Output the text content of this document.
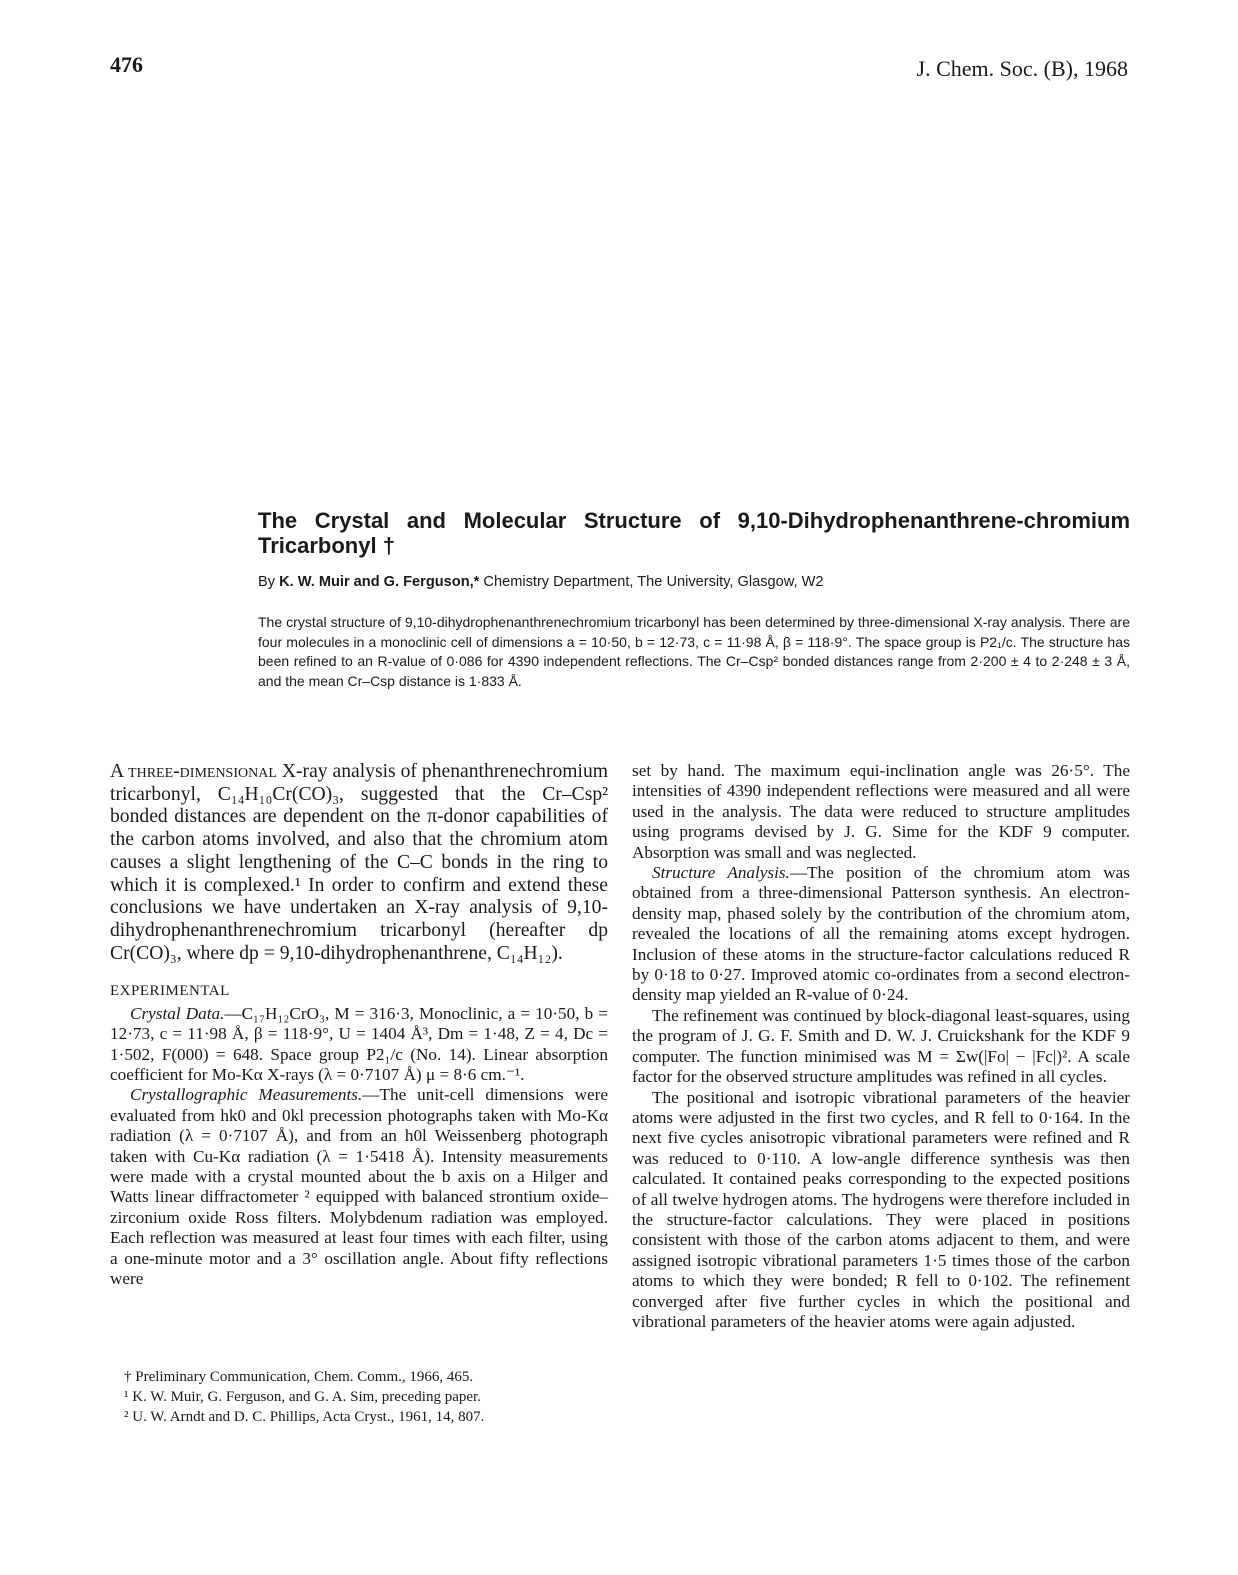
476	J. Chem. Soc. (B), 1968
The Crystal and Molecular Structure of 9,10-Dihydrophenanthrene-chromium Tricarbonyl †
By K. W. Muir and G. Ferguson,* Chemistry Department, The University, Glasgow, W2

The crystal structure of 9,10-dihydrophenanthrenechromium tricarbonyl has been determined by three-dimensional X-ray analysis. There are four molecules in a monoclinic cell of dimensions a = 10·50, b = 12·73, c = 11·98 Å, β = 118·9°. The space group is P2₁/c. The structure has been refined to an R-value of 0·086 for 4390 independent reflections. The Cr–Csp² bonded distances range from 2·200 ± 4 to 2·248 ± 3 Å, and the mean Cr–Csp distance is 1·833 Å.

A three-dimensional X-ray analysis of phenanthrenechromium tricarbonyl, C₁₄H₁₀Cr(CO)₃, suggested that the Cr–Csp² bonded distances are dependent on the π-donor capabilities of the carbon atoms involved, and also that the chromium atom causes a slight lengthening of the C–C bonds in the ring to which it is complexed.¹ In order to confirm and extend these conclusions we have undertaken an X-ray analysis of 9,10-dihydrophenanthrenechromium tricarbonyl (hereafter dp Cr(CO)₃, where dp = 9,10-dihydrophenanthrene, C₁₄H₁₂).

EXPERIMENTAL

Crystal Data.—C₁₇H₁₂CrO₃, M = 316·3, Monoclinic, a = 10·50, b = 12·73, c = 11·98 Å, β = 118·9°, U = 1404 Å³, Dm = 1·48, Z = 4, Dc = 1·502, F(000) = 648. Space group P2₁/c (No. 14). Linear absorption coefficient for Mo-Kα X-rays (λ = 0·7107 Å) μ = 8·6 cm.⁻¹.

Crystallographic Measurements.—The unit-cell dimensions were evaluated from hk0 and 0kl precession photographs taken with Mo-Kα radiation (λ = 0·7107 Å), and from an h0l Weissenberg photograph taken with Cu-Kα radiation (λ = 1·5418 Å). Intensity measurements were made with a crystal mounted about the b axis on a Hilger and Watts linear diffractometer ² equipped with balanced strontium oxide–zirconium oxide Ross filters. Molybdenum radiation was employed. Each reflection was measured at least four times with each filter, using a one-minute motor and a 3° oscillation angle. About fifty reflections were

set by hand. The maximum equi-inclination angle was 26·5°. The intensities of 4390 independent reflections were measured and all were used in the analysis. The data were reduced to structure amplitudes using programs devised by J. G. Sime for the KDF 9 computer. Absorption was small and was neglected.

Structure Analysis.—The position of the chromium atom was obtained from a three-dimensional Patterson synthesis. An electron-density map, phased solely by the contribution of the chromium atom, revealed the locations of all the remaining atoms except hydrogen. Inclusion of these atoms in the structure-factor calculations reduced R by 0·18 to 0·27. Improved atomic co-ordinates from a second electron-density map yielded an R-value of 0·24.

The refinement was continued by block-diagonal least-squares, using the program of J. G. F. Smith and D. W. J. Cruickshank for the KDF 9 computer. The function minimised was M = Σw(|Fo| − |Fc|)². A scale factor for the observed structure amplitudes was refined in all cycles.

The positional and isotropic vibrational parameters of the heavier atoms were adjusted in the first two cycles, and R fell to 0·164. In the next five cycles anisotropic vibrational parameters were refined and R was reduced to 0·110. A low-angle difference synthesis was then calculated. It contained peaks corresponding to the expected positions of all twelve hydrogen atoms. The hydrogens were therefore included in the structure-factor calculations. They were placed in positions consistent with those of the carbon atoms adjacent to them, and were assigned isotropic vibrational parameters 1·5 times those of the carbon atoms to which they were bonded; R fell to 0·102. The refinement converged after five further cycles in which the positional and vibrational parameters of the heavier atoms were again adjusted.

† Preliminary Communication, Chem. Comm., 1966, 465.

¹ K. W. Muir, G. Ferguson, and G. A. Sim, preceding paper.

² U. W. Arndt and D. C. Phillips, Acta Cryst., 1961, 14, 807.
